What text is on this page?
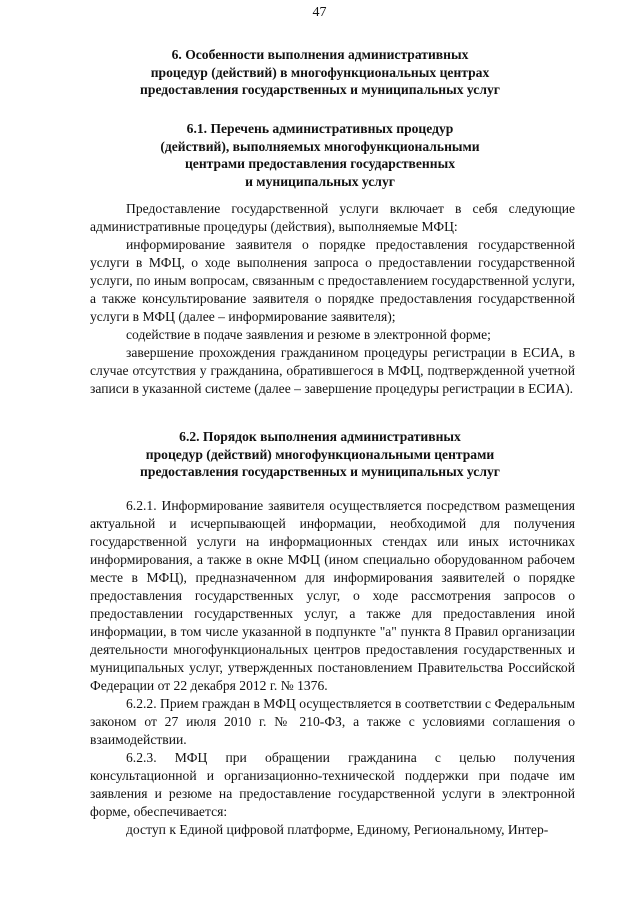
47
6. Особенности выполнения административных
процедур (действий) в многофункциональных центрах
предоставления государственных и муниципальных услуг
6.1. Перечень административных процедур
(действий), выполняемых многофункциональными
центрами предоставления государственных
и муниципальных услуг

Предоставление государственной услуги включает в себя следующие административные процедуры (действия), выполняемые МФЦ:

информирование заявителя о порядке предоставления государственной услуги в МФЦ, о ходе выполнения запроса о предоставлении государственной услуги, по иным вопросам, связанным с предоставлением государственной услуги, а также консультирование заявителя о порядке предоставления государственной услуги в МФЦ (далее – информирование заявителя);

содействие в подаче заявления и резюме в электронной форме;

завершение прохождения гражданином процедуры регистрации в ЕСИА, в случае отсутствия у гражданина, обратившегося в МФЦ, подтвержденной учетной записи в указанной системе (далее – завершение процедуры регистрации в ЕСИА).

6.2. Порядок выполнения административных
процедур (действий) многофункциональными центрами
предоставления государственных и муниципальных услуг

6.2.1. Информирование заявителя осуществляется посредством размещения актуальной и исчерпывающей информации, необходимой для получения государственной услуги на информационных стендах или иных источниках информирования, а также в окне МФЦ (ином специально оборудованном рабочем месте в МФЦ), предназначенном для информирования заявителей о порядке предоставления государственных услуг, о ходе рассмотрения запросов о предоставлении государственных услуг, а также для предоставления иной информации, в том числе указанной в подпункте "а" пункта 8 Правил организации деятельности многофункциональных центров предоставления государственных и муниципальных услуг, утвержденных постановлением Правительства Российской Федерации от 22 декабря 2012 г. № 1376.

6.2.2. Прием граждан в МФЦ осуществляется в соответствии с Федеральным законом от 27 июля 2010 г. № 210-ФЗ, а также с условиями соглашения о взаимодействии.

6.2.3. МФЦ при обращении гражданина с целью получения консультационной и организационно-технической поддержки при подаче им заявления и резюме на предоставление государственной услуги в электронной форме, обеспечивается:

доступ к Единой цифровой платформе, Единому, Региональному, Интер-
